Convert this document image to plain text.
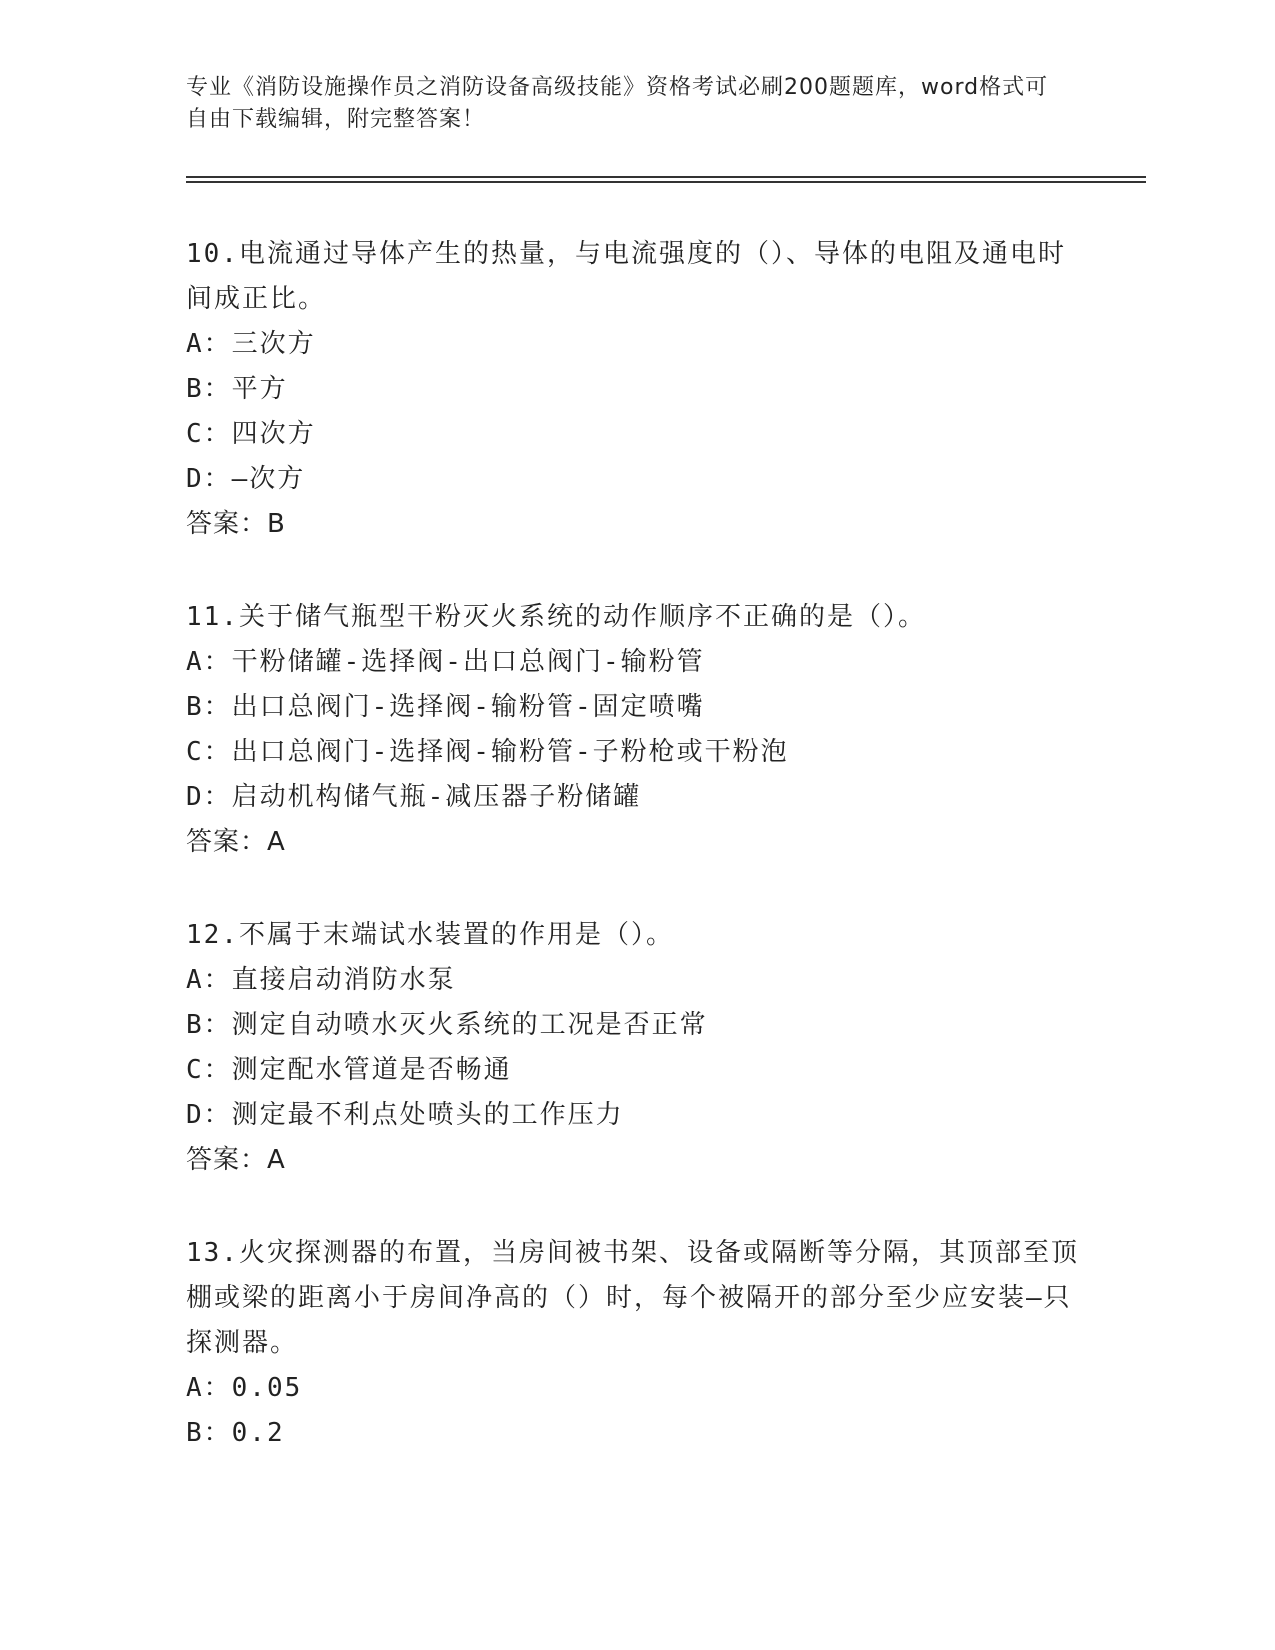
专业《消防设施操作员之消防设备高级技能》资格考试必刷200题题库，word格式可自由下载编辑，附完整答案！
10.电流通过导体产生的热量，与电流强度的（）、导体的电阻及通电时间成正比。
A：三次方
B：平方
C：四次方
D：—次方
答案：B
11.关于储气瓶型干粉灭火系统的动作顺序不正确的是（）。
A：干粉储罐-选择阀-出口总阀门-输粉管
B：出口总阀门-选择阀-输粉管-固定喷嘴
C：出口总阀门-选择阀-输粉管-子粉枪或干粉泡
D：启动机构储气瓶-减压器子粉储罐
答案：A
12.不属于末端试水装置的作用是（）。
A：直接启动消防水泵
B：测定自动喷水灭火系统的工况是否正常
C：测定配水管道是否畅通
D：测定最不利点处喷头的工作压力
答案：A
13.火灾探测器的布置，当房间被书架、设备或隔断等分隔，其顶部至顶棚或梁的距离小于房间净高的（）时，每个被隔开的部分至少应安装—只探测器。
A：0.05
B：0.2
